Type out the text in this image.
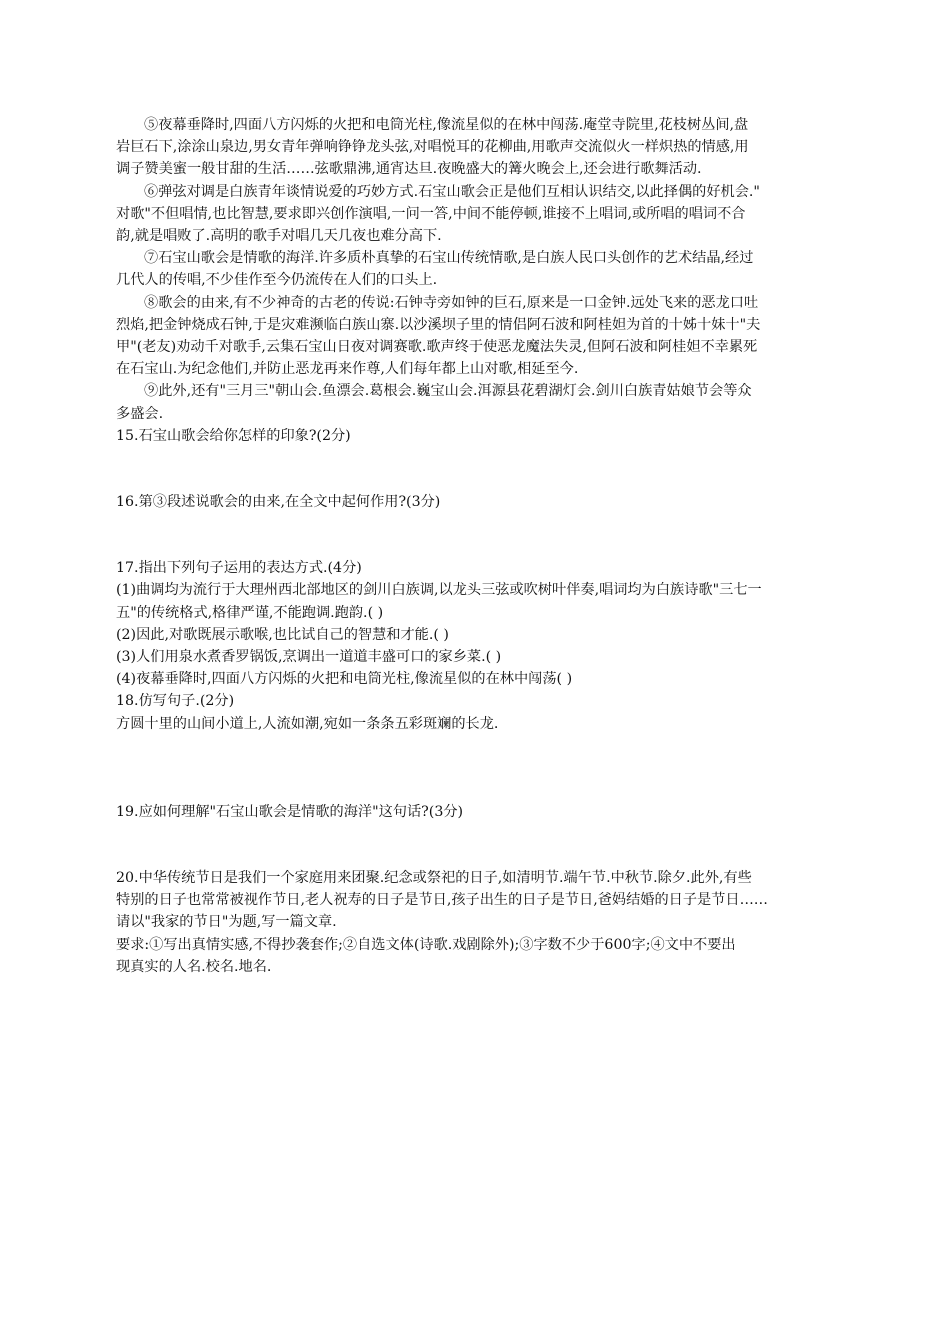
⑤夜幕垂降时,四面八方闪烁的火把和电筒光柱,像流星似的在林中闯荡.庵堂寺院里,花枝树丛间,盘
岩巨石下,涂涂山泉边,男女青年弹响铮铮龙头弦,对唱悦耳的花柳曲,用歌声交流似火一样炽热的情感,用
调子赞美蜜一般甘甜的生活……弦歌鼎沸,通宵达旦.夜晚盛大的篝火晚会上,还会进行歌舞活动.
⑥弹弦对调是白族青年谈情说爱的巧妙方式.石宝山歌会正是他们互相认识结交,以此择偶的好机会."
对歌"不但唱情,也比智慧,要求即兴创作演唱,一问一答,中间不能停顿,谁接不上唱词,或所唱的唱词不合
韵,就是唱败了.高明的歌手对唱几天几夜也难分高下.
⑦石宝山歌会是情歌的海洋.许多质朴真挚的石宝山传统情歌,是白族人民口头创作的艺术结晶,经过
几代人的传唱,不少佳作至今仍流传在人们的口头上.
⑧歌会的由来,有不少神奇的古老的传说:石钟寺旁如钟的巨石,原来是一口金钟.远处飞来的恶龙口吐
烈焰,把金钟烧成石钟,于是灾难濒临白族山寨.以沙溪坝子里的情侣阿石波和阿桂妲为首的十姊十妹十"夫
甲"(老友)劝动千对歌手,云集石宝山日夜对调赛歌.歌声终于使恶龙魔法失灵,但阿石波和阿桂妲不幸累死
在石宝山.为纪念他们,并防止恶龙再来作尊,人们每年都上山对歌,相延至今.
⑨此外,还有"三月三"朝山会.鱼漂会.葛根会.巍宝山会.洱源县花碧湖灯会.剑川白族青姑娘节会等众
多盛会.
15.石宝山歌会给你怎样的印象?(2分)
16.第③段述说歌会的由来,在全文中起何作用?(3分)
17.指出下列句子运用的表达方式.(4分)
(1)曲调均为流行于大理州西北部地区的剑川白族调,以龙头三弦或吹树叶伴奏,唱词均为白族诗歌"三七一
五"的传统格式,格律严谨,不能跑调.跑韵.( )
(2)因此,对歌既展示歌喉,也比试自己的智慧和才能.( )
(3)人们用泉水煮香罗锅饭,烹调出一道道丰盛可口的家乡菜.( )
(4)夜幕垂降时,四面八方闪烁的火把和电筒光柱,像流星似的在林中闯荡( )
18.仿写句子.(2分)
方圆十里的山间小道上,人流如潮,宛如一条条五彩斑斓的长龙.
19.应如何理解"石宝山歌会是情歌的海洋"这句话?(3分)
20.中华传统节日是我们一个家庭用来团聚.纪念或祭祀的日子,如清明节.端午节.中秋节.除夕.此外,有些
特别的日子也常常被视作节日,老人祝寿的日子是节日,孩子出生的日子是节日,爸妈结婚的日子是节日……
请以"我家的节日"为题,写一篇文章.
要求:①写出真情实感,不得抄袭套作;②自选文体(诗歌.戏剧除外);③字数不少于600字;④文中不要出
现真实的人名.校名.地名.
